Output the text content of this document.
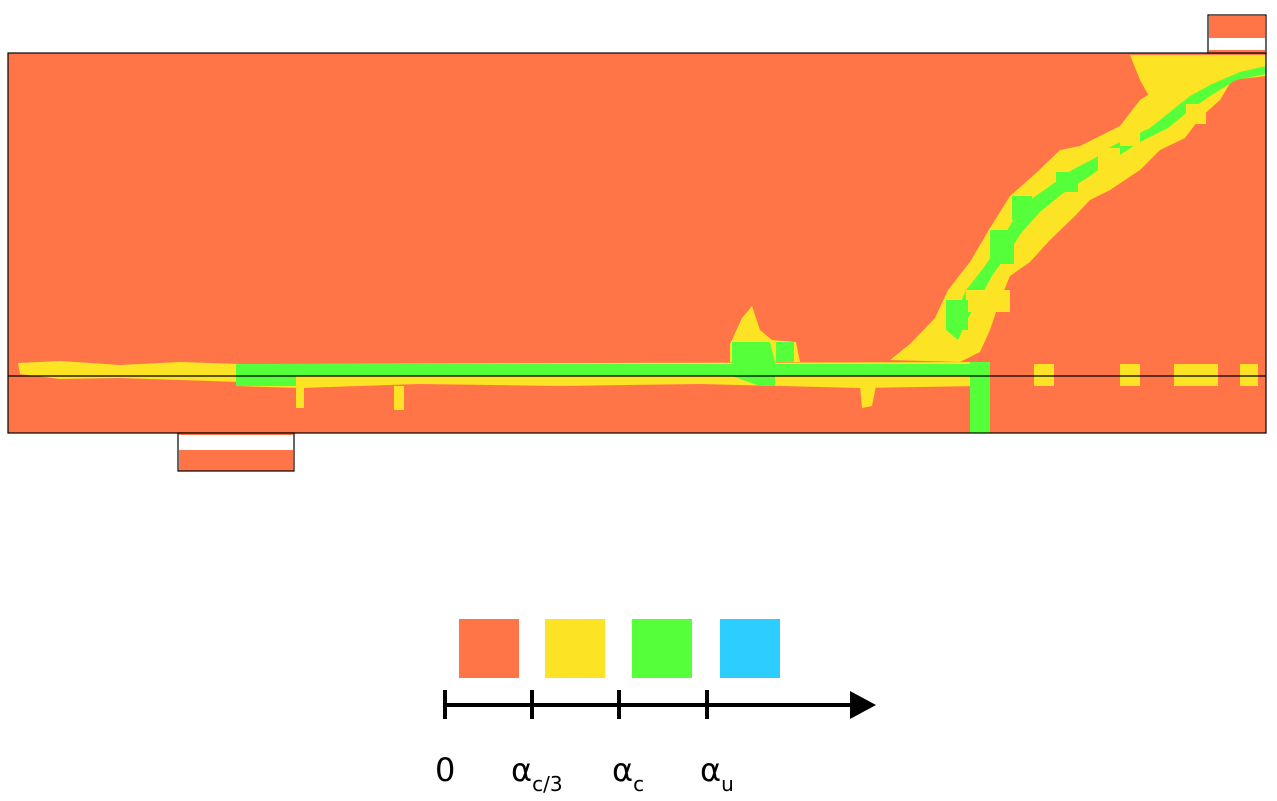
0 $\alpha_{c/3}$ $\alpha_c$ $\alpha_u$
